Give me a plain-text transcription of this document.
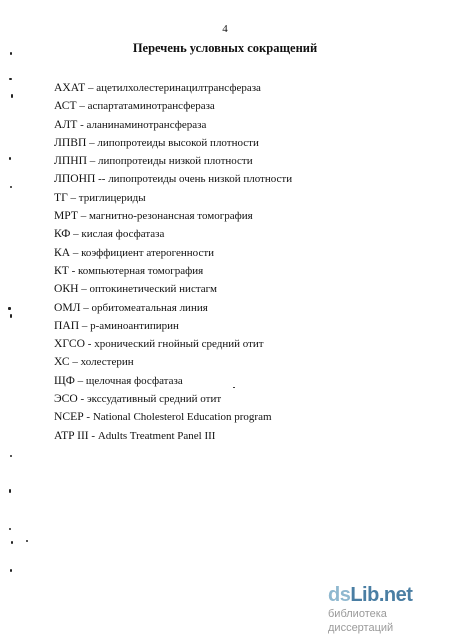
4
Перечень условных сокращений
АХАТ – ацетилхолестеринацилтрансфераза
АСТ – аспартатаминотрансфераза
АЛТ - аланинаминотрансфераза
ЛПВП – липопротеиды высокой плотности
ЛПНП – липопротеиды низкой плотности
ЛПОНП -- липопротеиды очень низкой плотности
ТГ – триглицериды
МРТ – магнитно-резонансная томография
КФ – кислая фосфатаза
КА – коэффициент атерогенности
КТ - компьютерная томография
ОКН – оптокинетический нистагм
ОМЛ – орбитомеатальная линия
ПАП – р-аминоантипирин
ХГСО - хронический гнойный средний отит
ХС – холестерин
ЩФ – щелочная фосфатаза
ЭСО - экссудативный средний отит
NCEP - National Cholesterol Education program
ATP III - Adults Treatment Panel III
dsLib.net
библиотека диссертаций
